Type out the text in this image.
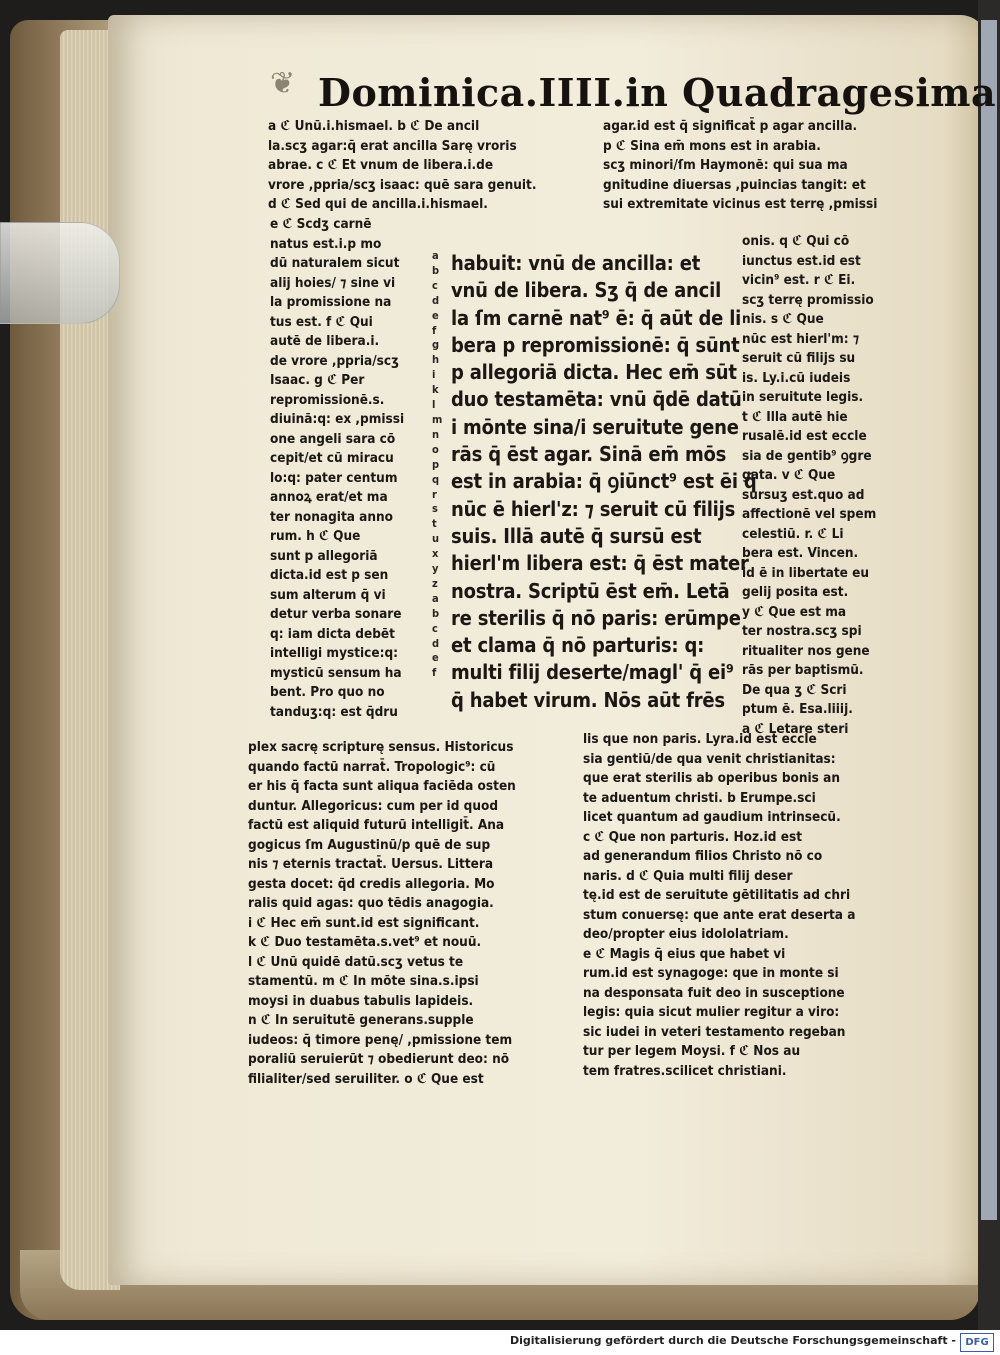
❦ Dominica.IIII.in Quadragesima
a ℭ Unū.i.hismael. b ℭ De ancil
la.scʒ agar:q̄ erat ancilla Sarę vroris
abrae. c ℭ Et vnum de libera.i.de
vrore ,ppria/scʒ isaac: quē sara genuit.
d ℭ Sed qui de ancilla.i.hismael.
agar.id est q̄ significat̄ p agar ancilla.
p ℭ Sina em̄ mons est in arabia.
scʒ minori/ſm Haymonē: qui sua ma
gnitudine diuersas ,puincias tangit: et
sui extremitate vicinus est terrę ,pmissi
e ℭ Scdʒ carnē
natus est.i.p mo
dū naturalem sicut
alij hoies/ ⁊ sine vi
la promissione na
tus est. f ℭ Qui
autē de libera.i.
de vrore ,ppria/scʒ
Isaac. g ℭ Per
repromissionē.s.
diuinā:q: ex ,pmissi
one angeli sara cō
cepit/et cū miracu
lo:q: pater centum
annoꝝ erat/et ma
ter nonagita anno
rum. h ℭ Que
sunt p allegoriā
dicta.id est p sen
sum alterum q̄ vi
detur verba sonare
q: iam dicta debēt
intelligi mystice:q:
mysticū sensum ha
bent. Pro quo no
tanduʒ:q: est q̄dru
a
b
c
d
e
f
g
h
i
k
l
m
n
o
p
q
r
s
t
u
x
y
z
a
b
c
d
e
f
habuit: vnū de ancilla: et
vnū de libera. Sʒ q̄ de ancil
la ſm carnē nat⁹ ē: q̄ aūt de li
bera p repromissionē: q̄ sūnt
p allegoriā dicta. Hec em̄ sūt
duo testamēta: vnū q̄dē datū
i mōnte sina/i seruitute gene
rās q̄ ēst agar. Sinā em̄ mōs
est in arabia: q̄ ꝯiūnct⁹ est ēi q̄
nūc ē hierl'z: ⁊ seruit cū filijs
suis. Illā autē q̄ sursū est
hierl'm libera est: q̄ ēst mater
nostra. Scriptū ēst em̄. Letā
re sterilis q̄ nō paris: erūmpe
et clama q̄ nō parturis: q:
multi filij deserte/magl' q̄ ei⁹
q̄ habet virum. Nōs aūt frēs
onis. q ℭ Qui cō
iunctus est.id est
vicin⁹ est. r ℭ Ei.
scʒ terrę promissio
nis. s ℭ Que
nūc est hierl'm: ⁊
seruit cū filijs su
is. Ly.i.cū iudeis
in seruitute legis.
t ℭ Illa autē hie
rusalē.id est eccle
sia de gentib⁹ ꝯgre
gata. v ℭ Que
sursuʒ est.quo ad
affectionē vel spem
celestiū. r. ℭ Li
bera est. Vincen.
id ē in libertate eu
gelij posita est.
y ℭ Que est ma
ter nostra.scʒ spi
ritualiter nos gene
rās per baptismū.
De qua ʒ ℭ Scri
ptum ē. Esa.liiij.
a ℭ Letare steri
plex sacrę scripturę sensus. Historicus
quando factū narrat̄. Tropologic⁹: cū
er his q̄ facta sunt aliqua faciēda osten
duntur. Allegoricus: cum per id quod
factū est aliquid futurū intelligit̄. Ana
gogicus ſm Augustinū/p quē de sup
nis ⁊ eternis tractat̄. Uersus. Littera
gesta docet: q̄d credis allegoria. Mo
ralis quid agas: quo tēdis anagogia.
i ℭ Hec em̄ sunt.id est significant.
k ℭ Duo testamēta.s.vet⁹ et nouū.
l ℭ Unū quidē datū.scʒ vetus te
stamentū. m ℭ In mōte sina.s.ipsi
moysi in duabus tabulis lapideis.
n ℭ In seruitutē generans.supple
iudeos: q̄ timore penę/ ,pmissione tem
poraliū seruierūt ⁊ obedierunt deo: nō
filialiter/sed seruiliter. o ℭ Que est
lis que non paris. Lyra.id est eccle
sia gentiū/de qua venit christianitas:
que erat sterilis ab operibus bonis an
te aduentum christi. b Erumpe.sci
licet quantum ad gaudium intrinsecū.
c ℭ Que non parturis. Hoz.id est
ad generandum filios Christo nō co
naris. d ℭ Quia multi filij deser
tę.id est de seruitute gētilitatis ad chri
stum conuersę: que ante erat deserta a
deo/propter eius idololatriam.
e ℭ Magis q̄ eius que habet vi
rum.id est synagoge: que in monte si
na desponsata fuit deo in susceptione
legis: quia sicut mulier regitur a viro:
sic iudei in veteri testamento regeban
tur per legem Moysi. f ℭ Nos au
tem fratres.scilicet christiani.
Digitalisierung gefördert durch die Deutsche Forschungsgemeinschaft - DFG
